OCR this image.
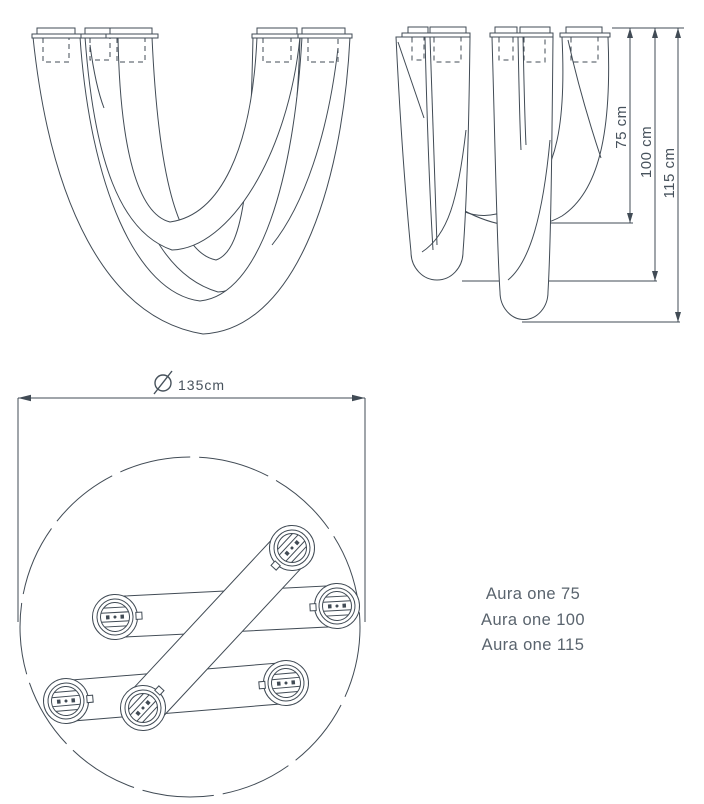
75 cm 100 cm 115 cm
135cm
Aura one 75
Aura one 100
Aura one 115
